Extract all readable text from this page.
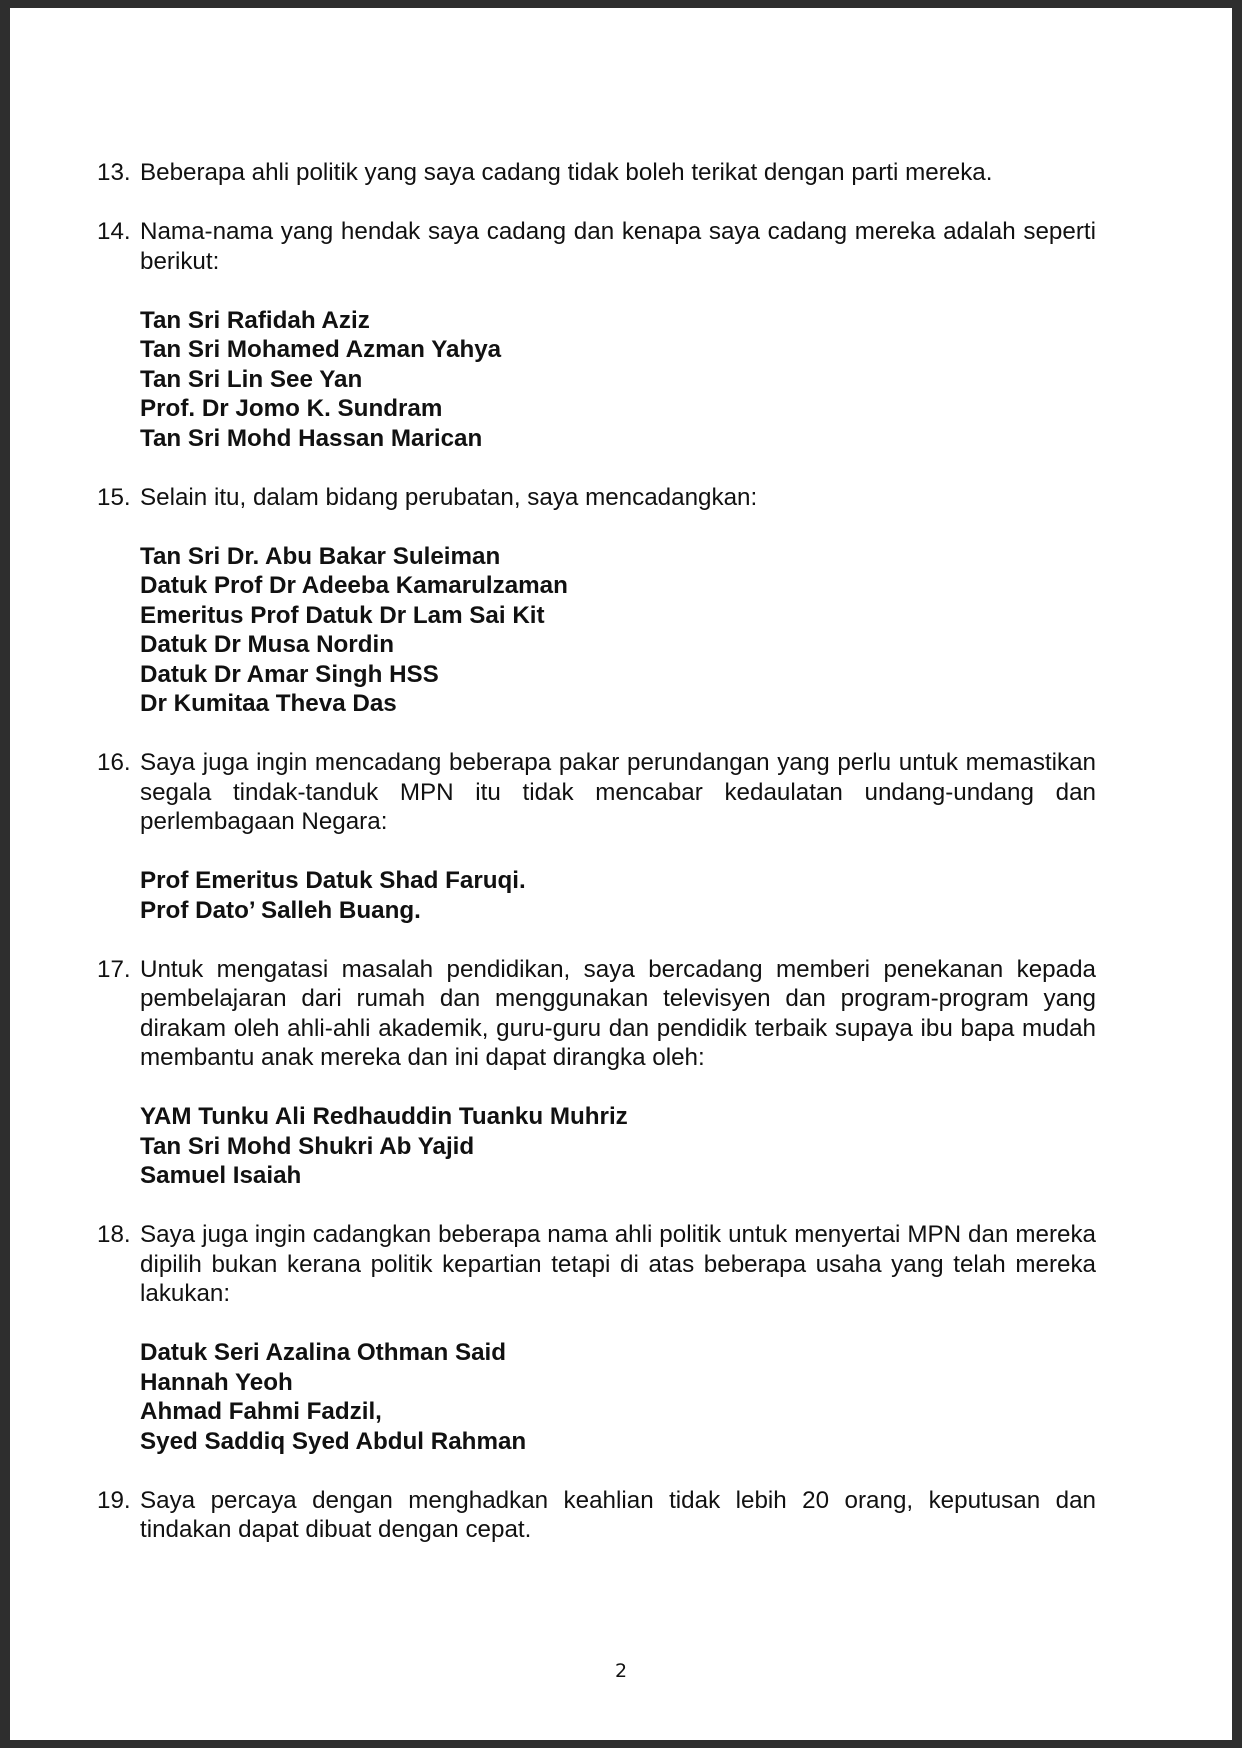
13. Beberapa ahli politik yang saya cadang tidak boleh terikat dengan parti mereka.
14. Nama-nama yang hendak saya cadang dan kenapa saya cadang mereka adalah seperti berikut:
Tan Sri Rafidah Aziz
Tan Sri Mohamed Azman Yahya
Tan Sri Lin See Yan
Prof. Dr Jomo K. Sundram
Tan Sri Mohd Hassan Marican
15. Selain itu, dalam bidang perubatan, saya mencadangkan:
Tan Sri Dr. Abu Bakar Suleiman
Datuk Prof Dr Adeeba Kamarulzaman
Emeritus Prof Datuk Dr Lam Sai Kit
Datuk Dr Musa Nordin
Datuk Dr Amar Singh HSS
Dr Kumitaa Theva Das
16. Saya juga ingin mencadang beberapa pakar perundangan yang perlu untuk memastikan segala tindak-tanduk MPN itu tidak mencabar kedaulatan undang-undang dan perlembagaan Negara:
Prof Emeritus Datuk Shad Faruqi.
Prof Dato’ Salleh Buang.
17. Untuk mengatasi masalah pendidikan, saya bercadang memberi penekanan kepada pembelajaran dari rumah dan menggunakan televisyen dan program-program yang dirakam oleh ahli-ahli akademik, guru-guru dan pendidik terbaik supaya ibu bapa mudah membantu anak mereka dan ini dapat dirangka oleh:
YAM Tunku Ali Redhauddin Tuanku Muhriz
Tan Sri Mohd Shukri Ab Yajid
Samuel Isaiah
18. Saya juga ingin cadangkan beberapa nama ahli politik untuk menyertai MPN dan mereka dipilih bukan kerana politik kepartian tetapi di atas beberapa usaha yang telah mereka lakukan:
Datuk Seri Azalina Othman Said
Hannah Yeoh
Ahmad Fahmi Fadzil,
Syed Saddiq Syed Abdul Rahman
19. Saya percaya dengan menghadkan keahlian tidak lebih 20 orang, keputusan dan tindakan dapat dibuat dengan cepat.
2
